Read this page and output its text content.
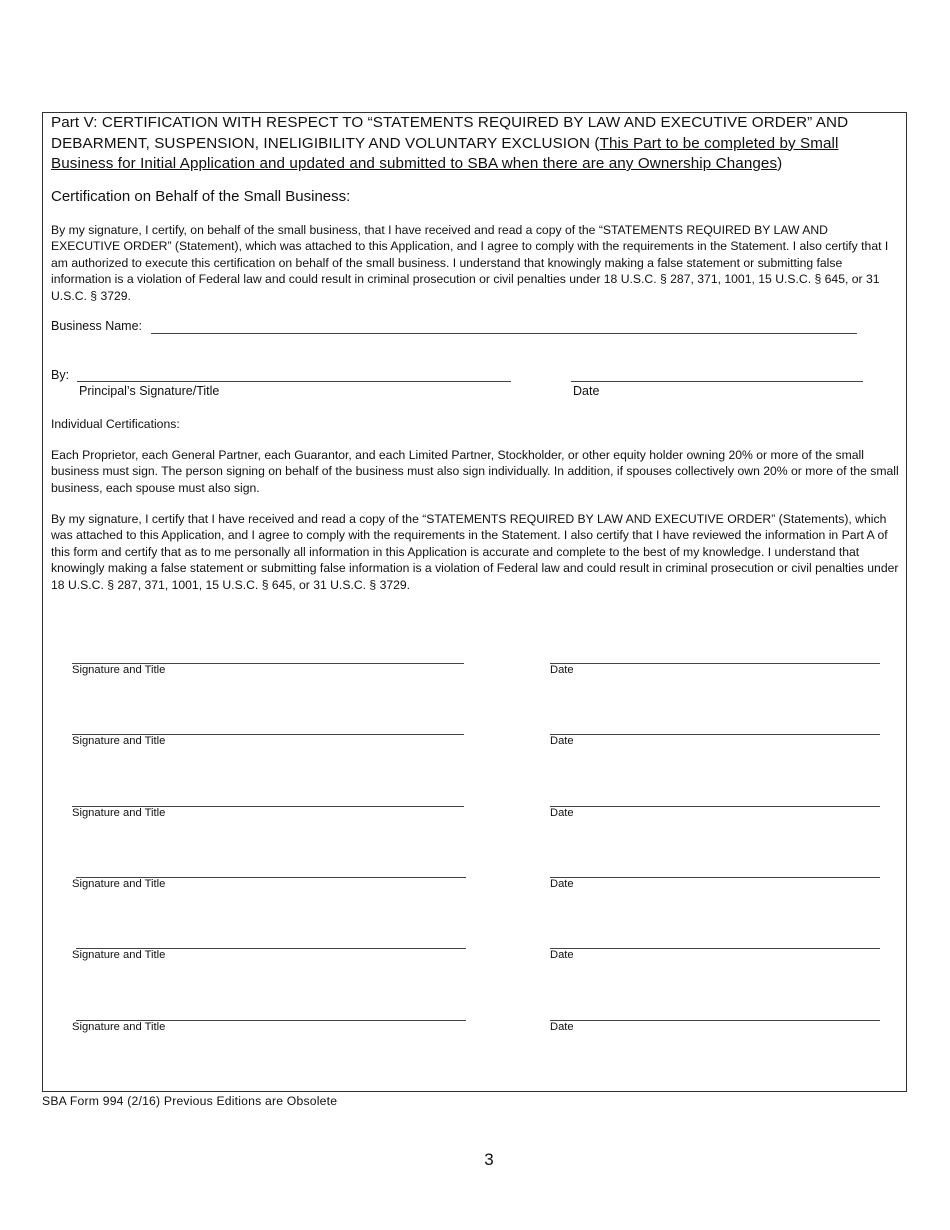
Part V: CERTIFICATION WITH RESPECT TO “STATEMENTS REQUIRED BY LAW AND EXECUTIVE ORDER” AND DEBARMENT, SUSPENSION, INELIGIBILITY AND VOLUNTARY EXCLUSION (This Part to be completed by Small Business for Initial Application and updated and submitted to SBA when there are any Ownership Changes)
Certification on Behalf of the Small Business:
By my signature, I certify, on behalf of the small business, that I have received and read a copy of the “STATEMENTS REQUIRED BY LAW AND EXECUTIVE ORDER” (Statement), which was attached to this Application, and I agree to comply with the requirements in the Statement. I also certify that I am authorized to execute this certification on behalf of the small business. I understand that knowingly making a false statement or submitting false information is a violation of Federal law and could result in criminal prosecution or civil penalties under 18 U.S.C. § 287, 371, 1001, 15 U.S.C. § 645, or 31 U.S.C. § 3729.
Business Name:
By:
Principal’s Signature/Title	Date
Individual Certifications:
Each Proprietor, each General Partner, each Guarantor, and each Limited Partner, Stockholder, or other equity holder owning 20% or more of the small business must sign. The person signing on behalf of the business must also sign individually. In addition, if spouses collectively own 20% or more of the small business, each spouse must also sign.
By my signature, I certify that I have received and read a copy of the “STATEMENTS REQUIRED BY LAW AND EXECUTIVE ORDER” (Statements), which was attached to this Application, and I agree to comply with the requirements in the Statement. I also certify that I have reviewed the information in Part A of this form and certify that as to me personally all information in this Application is accurate and complete to the best of my knowledge. I understand that knowingly making a false statement or submitting false information is a violation of Federal law and could result in criminal prosecution or civil penalties under 18 U.S.C. § 287, 371, 1001, 15 U.S.C. § 645, or 31 U.S.C. § 3729.
Signature and Title	Date
Signature and Title	Date
Signature and Title	Date
Signature and Title	Date
Signature and Title	Date
Signature and Title	Date
SBA Form 994 (2/16) Previous Editions are Obsolete
3
